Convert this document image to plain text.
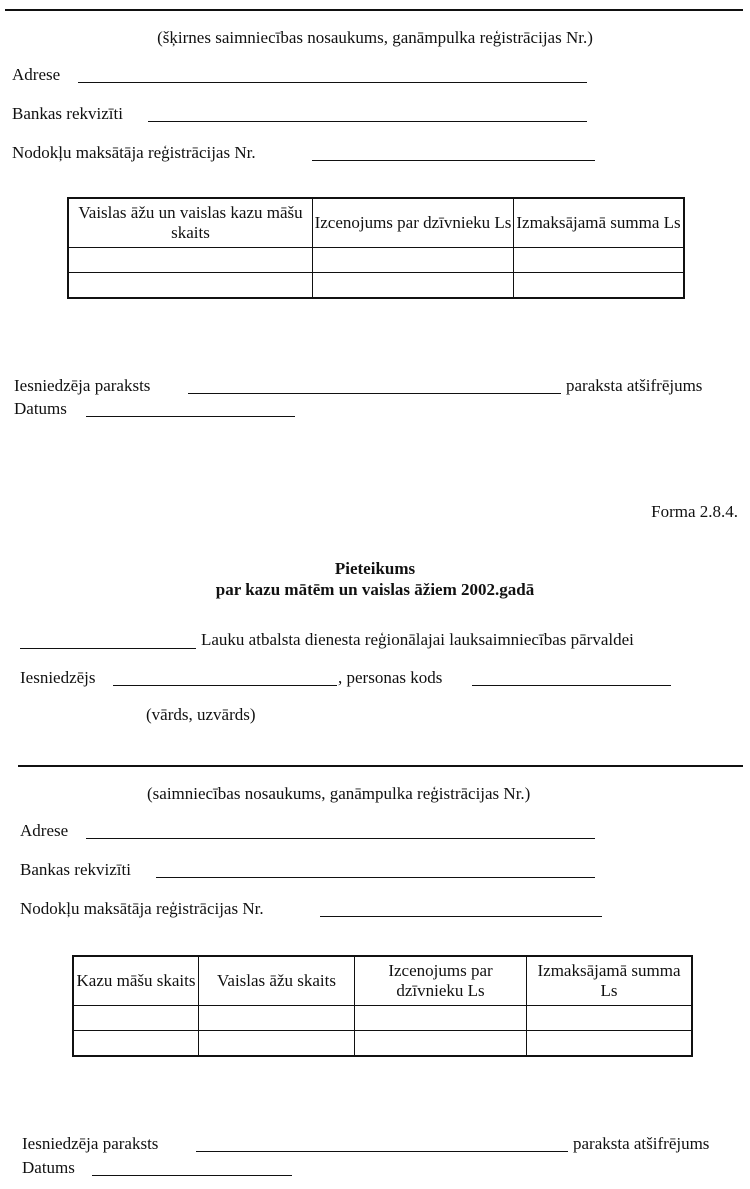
(šķirnes saimniecības nosaukums, ganāmpulka reģistrācijas Nr.)
Adrese
Bankas rekvizīti
Nodokļu maksātāja reģistrācijas Nr.
Vaislas āžu un vaislas kazu māšu skaits	Izcenojums par dzīvnieku Ls	Izmaksājamā summa Ls

Iesniedzēja paraksts	paraksta atšifrējums
Datums
Forma 2.8.4.
Pieteikums
par kazu mātēm un vaislas āžiem 2002.gadā
Lauku atbalsta dienesta reģionālajai lauksaimniecības pārvaldei
Iesniedzējs	, personas kods
(vārds, uzvārds)
(saimniecības nosaukums, ganāmpulka reģistrācijas Nr.)
Adrese
Bankas rekvizīti
Nodokļu maksātāja reģistrācijas Nr.
Kazu māšu skaits	Vaislas āžu skaits	Izcenojums par dzīvnieku Ls	Izmaksājamā summa Ls

Iesniedzēja paraksts	paraksta atšifrējums
Datums
